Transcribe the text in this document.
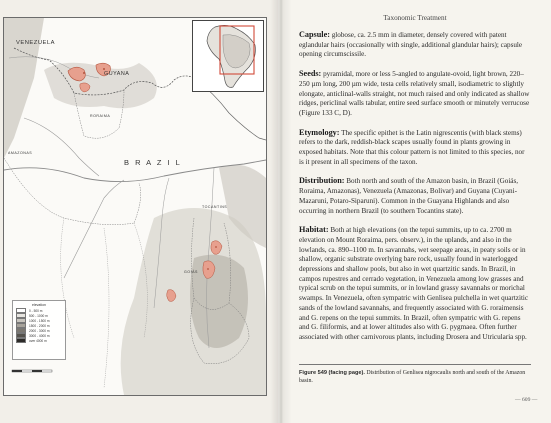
VENEZUELA
GUYANA
RORAIMA
AMAZONAS
B R A Z I L
TOCANTINS
GOIÁS
elevation
0 - 500 m
500 - 1000 m
1000 - 1500 m
1500 - 2000 m
2000 - 3000 m
3000 - 4000 m
over 4000 m
Taxonomic Treatment
Capsule: globose, ca. 2.5 mm in diameter, densely covered with patent eglandular hairs (occasionally with single, additional glandular hairs); capsule opening circumscissile.
Seeds: pyramidal, more or less 5-angled to angulate-ovoid, light brown, 220–250 µm long, 200 µm wide, testa cells relatively small, isodiametric to slightly elongate, anticlinal-walls straight, not much raised and only indicated as shallow ridges, periclinal walls tabular, entire seed surface smooth or minutely verrucose (Figure 133 C, D).
Etymology: The specific epithet is the Latin nigrescentis (with black stems) refers to the dark, reddish-black scapes usually found in plants growing in exposed habitats. Note that this colour pattern is not limited to this species, nor is it present in all specimens of the taxon.
Distribution: Both north and south of the Amazon basin, in Brazil (Goiás, Roraima, Amazonas), Venezuela (Amazonas, Bolivar) and Guyana (Cuyani-Mazaruni, Potaro-Siparuni). Common in the Guayana Highlands and also occurring in northern Brazil (to southern Tocantins state).
Habitat: Both at high elevations (on the tepui summits, up to ca. 2700 m elevation on Mount Roraima, pers. observ.), in the uplands, and also in the lowlands, ca. 890–1100 m. In savannahs, wet seepage areas, in peaty soils or in shallow, organic substrate overlying bare rock, usually found in waterlogged depressions and shallow pools, but also in wet quartzitic sands. In Brazil, in campos rupestres and cerrado vegetation, in Venezuela among low grasses and typical scrub on the tepui summits, or in lowland grassy savannahs or morichal swamps. In Venezuela, often sympatric with Genlisea pulchella in wet quartzitic sands of the lowland savannahs, and frequently associated with G. roraimensis and G. repens on the tepui summits. In Brazil, often sympatric with G. repens and G. filiformis, and at lower altitudes also with G. pygmaea. Often further associated with other carnivorous plants, including Drosera and Utricularia spp.
Figure 549 (facing page). Distribution of Genlisea nigrocaulis north and south of the Amazon basin.
— 609 —
